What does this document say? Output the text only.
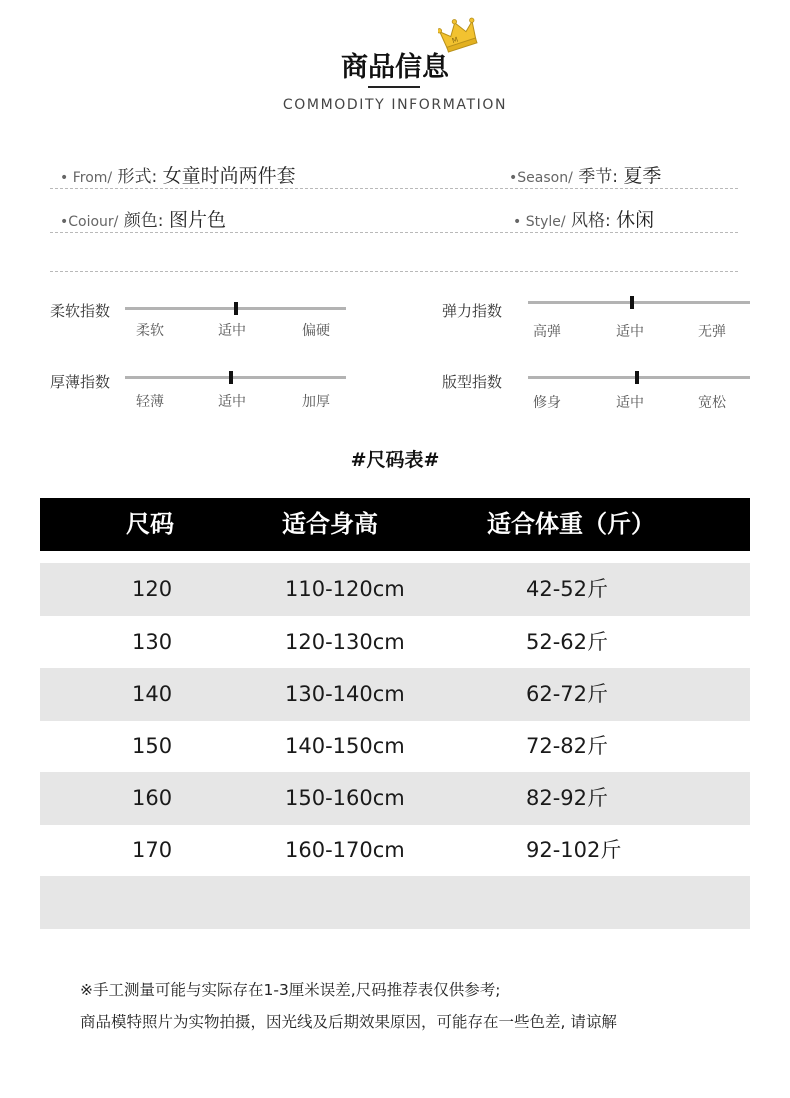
商品信息
M
COMMODITY INFORMATION
• From/ 形式: 女童时尚两件套	•Season/ 季节: 夏季
•Coiour/ 颜色: 图片色	• Style/ 风格: 休闲
柔软指数
柔软	适中	偏硬
弹力指数
高弹	适中	无弹
厚薄指数
轻薄	适中	加厚
版型指数
修身	适中	宽松
#尺码表#
尺码	适合身高	适合体重（斤）
120	110-120cm	42-52斤
130	120-130cm	52-62斤
140	130-140cm	62-72斤
150	140-150cm	72-82斤
160	150-160cm	82-92斤
170	160-170cm	92-102斤
※手工测量可能与实际存在1-3厘米误差,尺码推荐表仅供参考;
商品模特照片为实物拍摄，因光线及后期效果原因，可能存在一些色差, 请谅解
